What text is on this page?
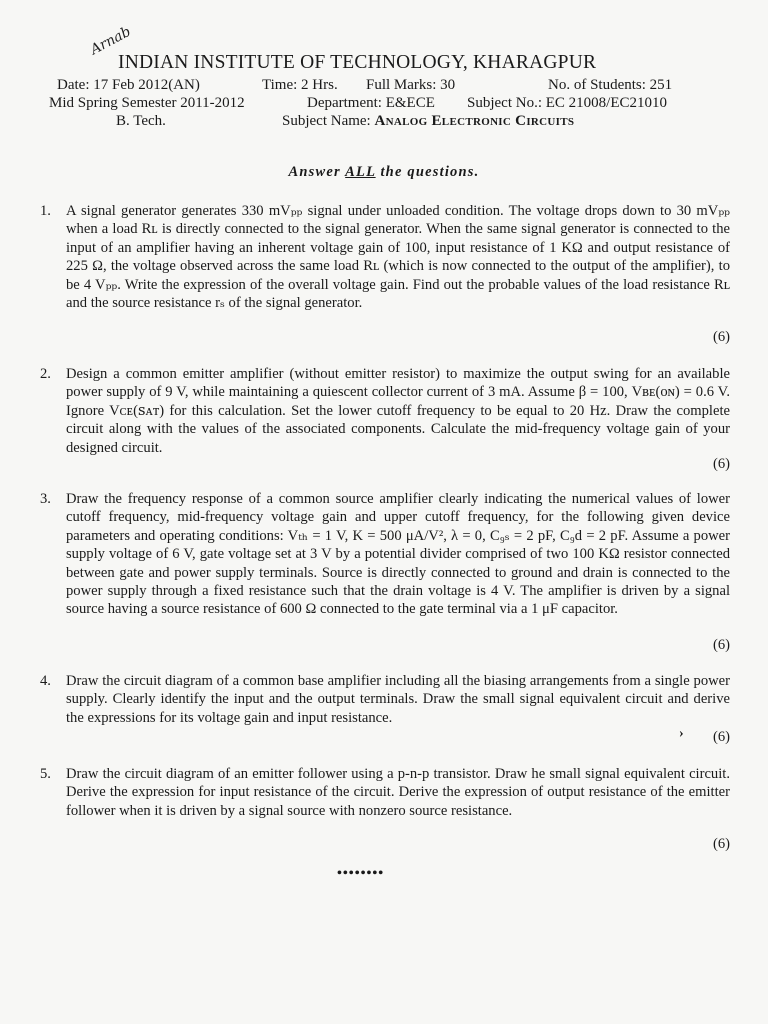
Arnab
INDIAN INSTITUTE OF TECHNOLOGY, KHARAGPUR
Date: 17 Feb 2012(AN)	Time: 2 Hrs. Full Marks: 30	No. of Students: 251
Mid Spring Semester 2011-2012	Department: E&ECE Subject No.: EC 21008/EC21010
B. Tech.	Subject Name: Analog Electronic Circuits
Answer ALL the questions.
1.	A signal generator generates 330 mVₚₚ signal under unloaded condition. The voltage drops down to 30 mVₚₚ when a load Rʟ is directly connected to the signal generator. When the same signal generator is connected to the input of an amplifier having an inherent voltage gain of 100, input resistance of 1 KΩ and output resistance of 225 Ω, the voltage observed across the same load Rʟ (which is now connected to the output of the amplifier), to be 4 Vₚₚ. Write the expression of the overall voltage gain. Find out the probable values of the load resistance Rʟ and the source resistance rₛ of the signal generator.
(6)
2.	Design a common emitter amplifier (without emitter resistor) to maximize the output swing for an available power supply of 9 V, while maintaining a quiescent collector current of 3 mA. Assume β = 100, Vʙᴇ(ᴏɴ) = 0.6 V. Ignore Vᴄᴇ(ꜱᴀᴛ) for this calculation. Set the lower cutoff frequency to be equal to 20 Hz. Draw the complete circuit along with the values of the associated components. Calculate the mid-frequency voltage gain of your designed circuit.
(6)
3.	Draw the frequency response of a common source amplifier clearly indicating the numerical values of lower cutoff frequency, mid-frequency voltage gain and upper cutoff frequency, for the following given device parameters and operating conditions: Vₜₕ = 1 V, K = 500 μA/V², λ = 0, C₉ₛ = 2 pF, C₉d = 2 pF. Assume a power supply voltage of 6 V, gate voltage set at 3 V by a potential divider comprised of two 100 KΩ resistor connected between gate and power supply terminals. Source is directly connected to ground and drain is connected to the power supply through a fixed resistance such that the drain voltage is 4 V. The amplifier is driven by a signal source having a source resistance of 600 Ω connected to the gate terminal via a 1 μF capacitor.
(6)
4.	Draw the circuit diagram of a common base amplifier including all the biasing arrangements from a single power supply. Clearly identify the input and the output terminals. Draw the small signal equivalent circuit and derive the expressions for its voltage gain and input resistance.
(6)
›
5.	Draw the circuit diagram of an emitter follower using a p-n-p transistor. Draw he small signal equivalent circuit. Derive the expression for input resistance of the circuit. Derive the expression of output resistance of the emitter follower when it is driven by a signal source with nonzero source resistance.
(6)
••••••••
